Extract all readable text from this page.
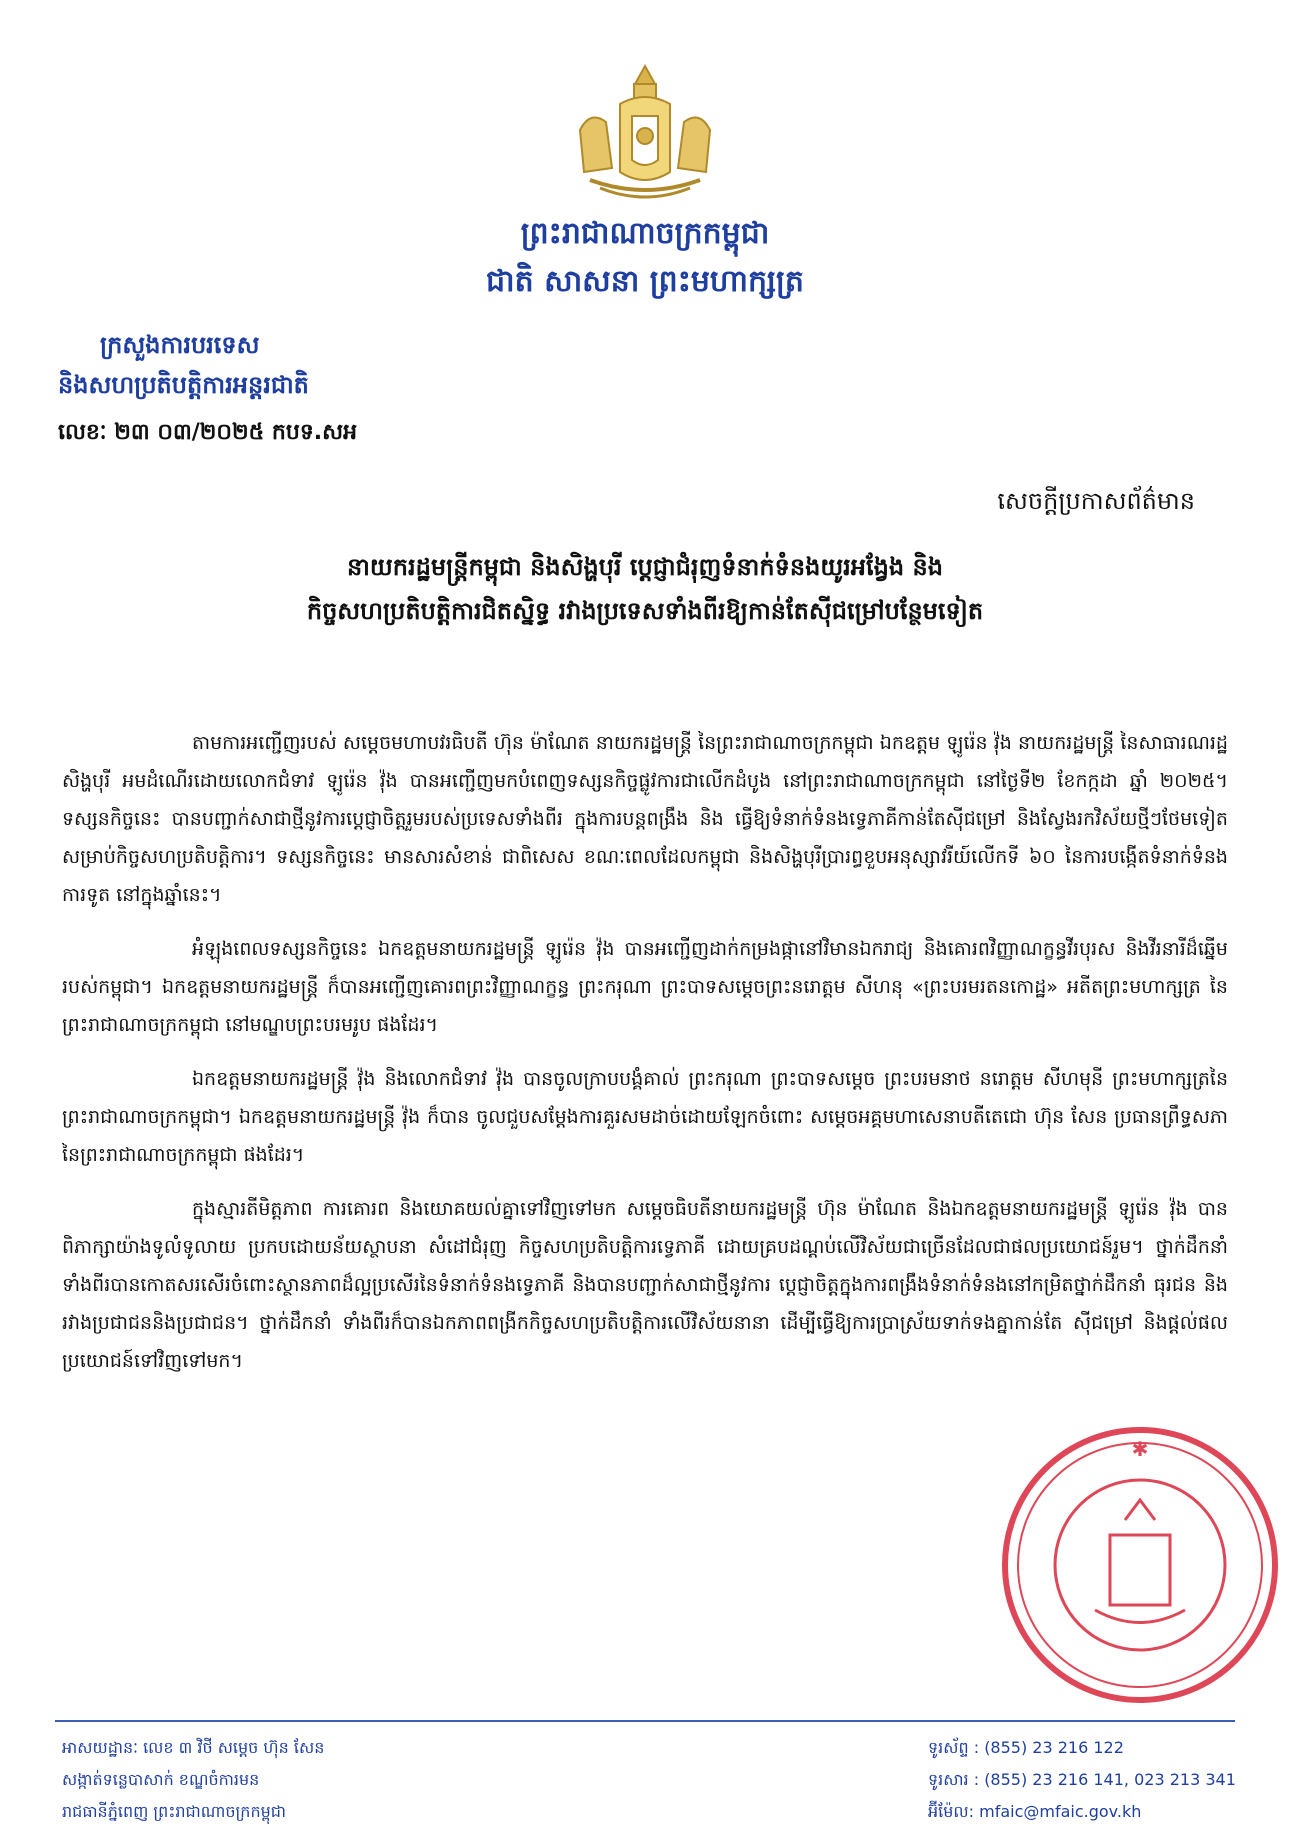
ព្រះរាជាណាចក្រកម្ពុជា
ជាតិ សាសនា ព្រះមហាក្សត្រ
ក្រសួងការបរទេស
និងសហប្រតិបត្តិការអន្តរជាតិ
លេខៈ ២៣ ០៣/២០២៥ កបទ.សអ
សេចក្តីប្រកាសព័ត៌មាន
នាយករដ្ឋមន្ត្រីកម្ពុជា និងសិង្ហបុរី ប្តេជ្ញាជំរុញទំនាក់ទំនងយូរអង្វែង និង
កិច្ចសហប្រតិបត្តិការជិតស្និទ្ធ រវាងប្រទេសទាំងពីរឱ្យកាន់តែស៊ីជម្រៅបន្ថែមទៀត

តាមការអញ្ជើញរបស់ សម្តេចមហាបវរធិបតី ហ៊ុន ម៉ាណែត នាយករដ្ឋមន្ត្រី នៃព្រះរាជាណាចក្រកម្ពុជា ឯកឧត្តម ឡូរ៉េន វ៉ុង នាយករដ្ឋមន្ត្រី នៃសាធារណរដ្ឋសិង្ហបុរី អមដំណើរដោយលោកជំទាវ ឡូរ៉េន វ៉ុង បានអញ្ជើញមកបំពេញទស្សនកិច្ចផ្លូវការជាលើកដំបូង នៅព្រះរាជាណាចក្រកម្ពុជា នៅថ្ងៃទី២ ខែកក្កដា ឆ្នាំ ២០២៥។ ទស្សនកិច្ចនេះ បានបញ្ជាក់សាជាថ្មីនូវការប្តេជ្ញាចិត្តរួមរបស់ប្រទេសទាំងពីរ ក្នុងការបន្តពង្រឹង និង ធ្វើឱ្យទំនាក់ទំនងទ្វេភាគីកាន់តែស៊ីជម្រៅ និងស្វែងរកវិស័យថ្មីៗថែមទៀតសម្រាប់កិច្ចសហប្រតិបត្តិការ។ ទស្សនកិច្ចនេះ មានសារសំខាន់ ជាពិសេស ខណៈពេលដែលកម្ពុជា និងសិង្ហបុរីប្រារព្ធខួបអនុស្សាវរីយ៍លើកទី ៦០ នៃការបង្កើតទំនាក់ទំនងការទូត នៅក្នុងឆ្នាំនេះ។

អំឡុងពេលទស្សនកិច្ចនេះ ឯកឧត្តមនាយករដ្ឋមន្ត្រី ឡូរ៉េន វ៉ុង បានអញ្ជើញដាក់កម្រងផ្កានៅវិមានឯករាជ្យ និងគោរពវិញ្ញាណក្ខន្ធវីរបុរស និងវីរនារីដ៏ឆ្នើមរបស់កម្ពុជា។ ឯកឧត្តមនាយករដ្ឋមន្ត្រី ក៏បានអញ្ជើញគោរពព្រះវិញ្ញាណក្ខន្ធ ព្រះករុណា ព្រះបាទសម្តេចព្រះនរោត្តម សីហនុ «ព្រះបរមរតនកោដ្ឋ» អតីតព្រះមហាក្សត្រ នៃព្រះរាជាណាចក្រកម្ពុជា នៅមណ្ឌបព្រះបរមរូប ផងដែរ។

ឯកឧត្តមនាយករដ្ឋមន្ត្រី វ៉ុង និងលោកជំទាវ វ៉ុង បានចូលក្រាបបង្គំគាល់ ព្រះករុណា ព្រះបាទសម្តេច ព្រះបរមនាថ នរោត្តម សីហមុនី ព្រះមហាក្សត្រនៃព្រះរាជាណាចក្រកម្ពុជា។ ឯកឧត្តមនាយករដ្ឋមន្ត្រី វ៉ុង ក៏បាន ចូលជួបសម្តែងការគួរសមដាច់ដោយឡែកចំពោះ សម្តេចអគ្គមហាសេនាបតីតេជោ ហ៊ុន សែន ប្រធានព្រឹទ្ធសភា នៃព្រះរាជាណាចក្រកម្ពុជា ផងដែរ។

ក្នុងស្មារតីមិត្តភាព ការគោរព និងយោគយល់គ្នាទៅវិញទៅមក សម្តេចធិបតីនាយករដ្ឋមន្ត្រី ហ៊ុន ម៉ាណែត និងឯកឧត្តមនាយករដ្ឋមន្ត្រី ឡូរ៉េន វ៉ុង បានពិភាក្សាយ៉ាងទូលំទូលាយ ប្រកបដោយន័យស្ថាបនា សំដៅជំរុញ កិច្ចសហប្រតិបត្តិការទ្វេភាគី ដោយគ្របដណ្តប់លើវិស័យជាច្រើនដែលជាផលប្រយោជន៍រួម។ ថ្នាក់ដឹកនាំ ទាំងពីរបានកោតសរសើរចំពោះស្ថានភាពដ៏ល្អប្រសើរនៃទំនាក់ទំនងទ្វេភាគី និងបានបញ្ជាក់សាជាថ្មីនូវការ ប្តេជ្ញាចិត្តក្នុងការពង្រឹងទំនាក់ទំនងនៅកម្រិតថ្នាក់ដឹកនាំ ធុរជន និងរវាងប្រជាជននិងប្រជាជន។ ថ្នាក់ដឹកនាំ ទាំងពីរក៏បានឯកភាពពង្រីកកិច្ចសហប្រតិបត្តិការលើវិស័យនានា ដើម្បីធ្វើឱ្យការប្រាស្រ័យទាក់ទងគ្នាកាន់តែ ស៊ីជម្រៅ និងផ្តល់ផលប្រយោជន៍ទៅវិញទៅមក។

✱
អាសយដ្ឋានៈ លេខ ៣ វិថី សម្តេច ហ៊ុន សែន
សង្កាត់ទន្លេបាសាក់ ខណ្ឌចំការមន
រាជធានីភ្នំពេញ ព្រះរាជាណាចក្រកម្ពុជា
ទូរស័ព្ទ : (855) 23 216 122
ទូរសារ : (855) 23 216 141, 023 213 341
អ៊ីម៉ែល: mfaic@mfaic.gov.kh
